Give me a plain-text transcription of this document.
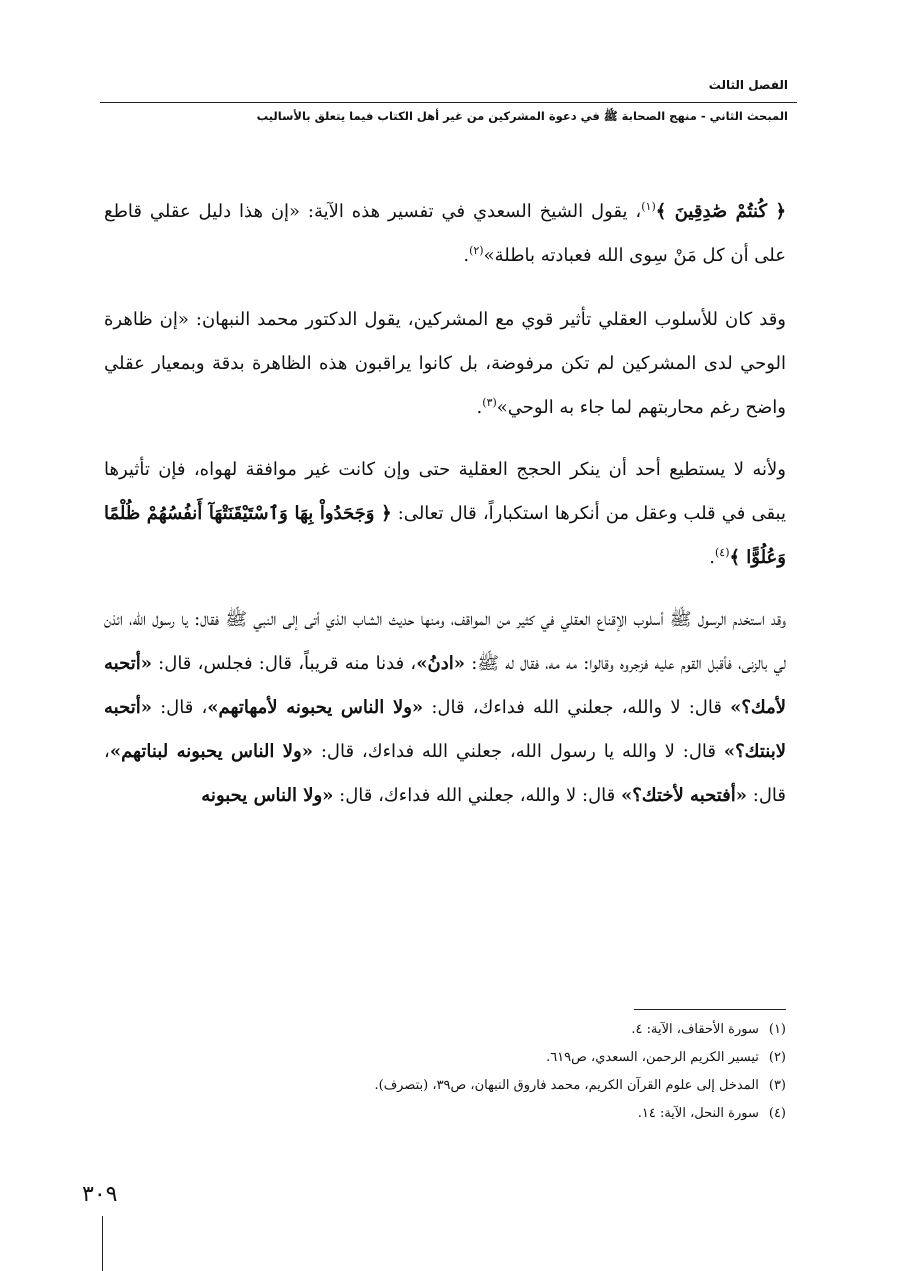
الفصل الثالث
المبحث الثاني - منهج الصحابة ﷺ في دعوة المشركين من غير أهل الكتاب فيما يتعلق بالأساليب

﴿ كُنتُمْ صَٰدِقِينَ ﴾$^{(١)}$، يقول الشيخ السعدي في تفسير هذه الآية: «إن هذا دليل عقلي قاطع على أن كل مَنْ سِوى الله فعبادته باطلة»$^{(٢)}$.

وقد كان للأسلوب العقلي تأثير قوي مع المشركين، يقول الدكتور محمد النبهان: «إن ظاهرة الوحي لدى المشركين لم تكن مرفوضة، بل كانوا يراقبون هذه الظاهرة بدقة وبمعيار عقلي واضح رغم محاربتهم لما جاء به الوحي»$^{(٣)}$.

ولأنه لا يستطيع أحد أن ينكر الحجج العقلية حتى وإن كانت غير موافقة لهواه، فإن تأثيرها يبقى في قلب وعقل من أنكرها استكباراً، قال تعالى: ﴿ وَجَحَدُواْ بِهَا وَٱسْتَيْقَنَتْهَآ أَنفُسُهُمْ ظُلْمًا وَعُلُوًّا ﴾$^{(٤)}$.

وقد استخدم الرسول ﷺ أسلوب الإقناع العقلي في كثير من المواقف، ومنها حديث الشاب الذي أتى إلى النبي ﷺ فقال: يا رسول الله، ائذن لي بالزنى، فأقبل القوم عليه فزجروه وقالوا: مه مه، فقال له ﷺ: «ادنُ»، فدنا منه قريباً، قال: فجلس، قال: «أتحبه لأمك؟» قال: لا والله، جعلني الله فداءك، قال: «ولا الناس يحبونه لأمهاتهم»، قال: «أتحبه لابنتك؟» قال: لا والله يا رسول الله، جعلني الله فداءك، قال: «ولا الناس يحبونه لبناتهم»، قال: «أفتحبه لأختك؟» قال: لا والله، جعلني الله فداءك، قال: «ولا الناس يحبونه

(١)سورة الأحقاف، الآية: ٤.
(٢)تيسير الكريم الرحمن، السعدي، ص٦١٩.
(٣)المدخل إلى علوم القرآن الكريم، محمد فاروق النبهان، ص٣٩، (بتصرف).
(٤)سورة النحل، الآية: ١٤.
٣٠٩
